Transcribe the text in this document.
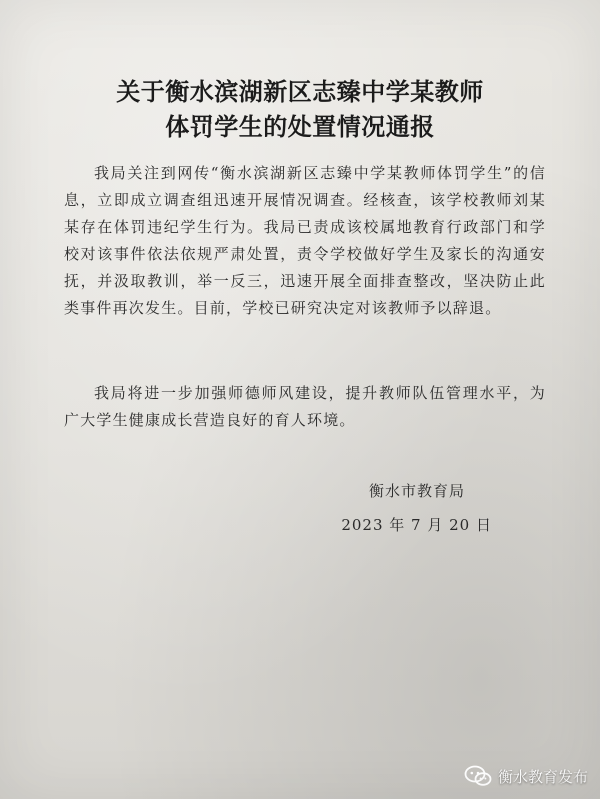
关于衡水滨湖新区志臻中学某教师
体罚学生的处置情况通报

我局关注到网传“衡水滨湖新区志臻中学某教师体罚学生”的信息，立即成立调查组迅速开展情况调查。经核查，该学校教师刘某某存在体罚违纪学生行为。我局已责成该校属地教育行政部门和学校对该事件依法依规严肃处置，责令学校做好学生及家长的沟通安抚，并汲取教训，举一反三，迅速开展全面排查整改，坚决防止此类事件再次发生。目前，学校已研究决定对该教师予以辞退。

我局将进一步加强师德师风建设，提升教师队伍管理水平，为广大学生健康成长营造良好的育人环境。

衡水市教育局

2023 年 7 月 20 日

衡水教育发布
